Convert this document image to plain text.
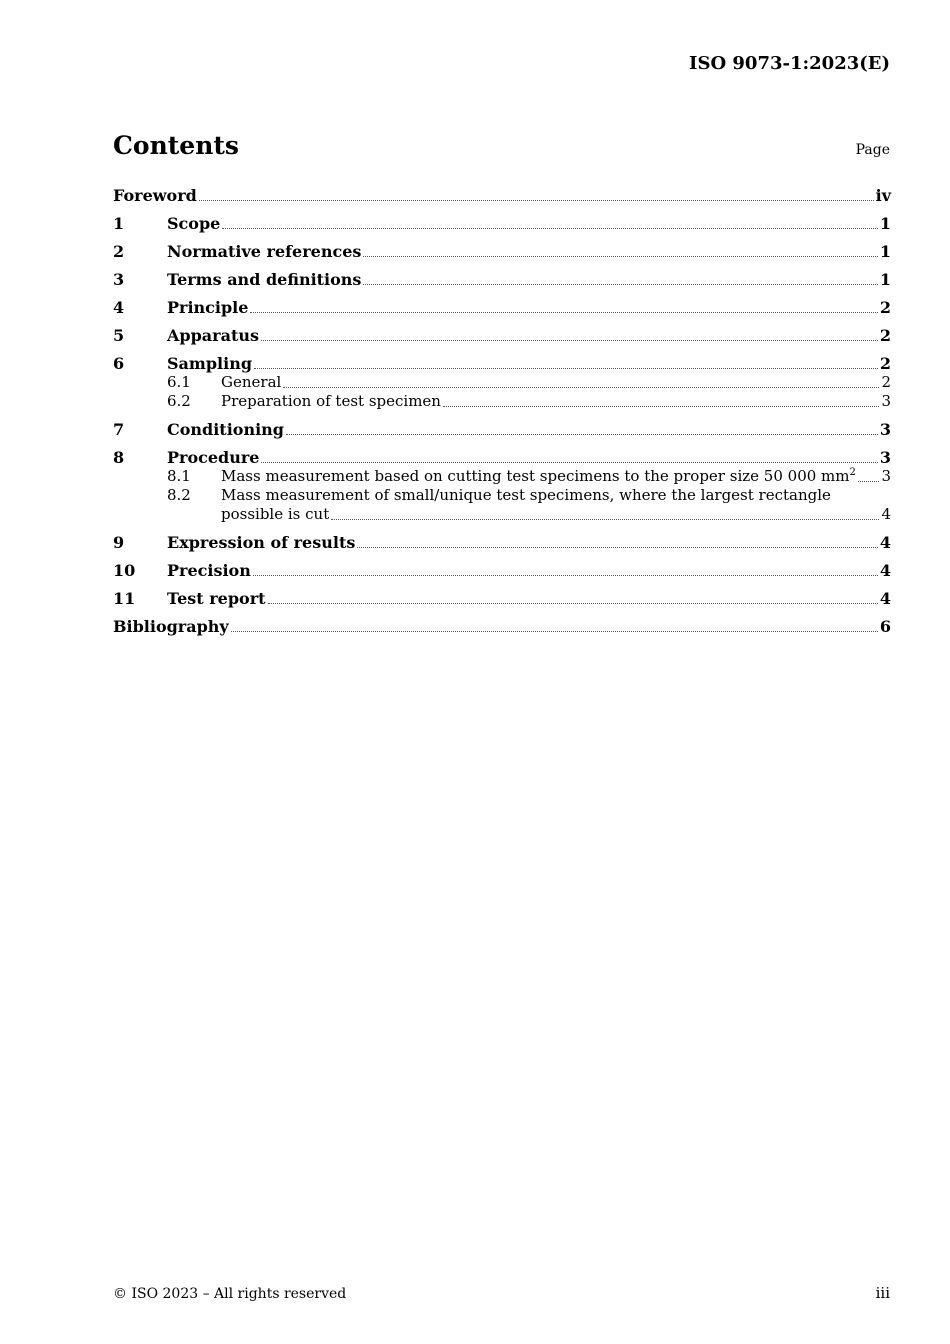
ISO 9073-1:2023(E)
Contents	Page
Foreword	iv
1	Scope	1
2	Normative references	1
3	Terms and definitions	1
4	Principle	2
5	Apparatus	2
6	Sampling	2
6.1	General	2
6.2	Preparation of test specimen	3
7	Conditioning	3
8	Procedure	3
8.1	Mass measurement based on cutting test specimens to the proper size 50 000 $mm^2$ 3
8.2	Mass measurement of small/unique test specimens, where the largest rectangle
possible is cut	4
9	Expression of results	4
10	Precision	4
11	Test report	4
Bibliography	6
© ISO 2023 – All rights reserved	iii
